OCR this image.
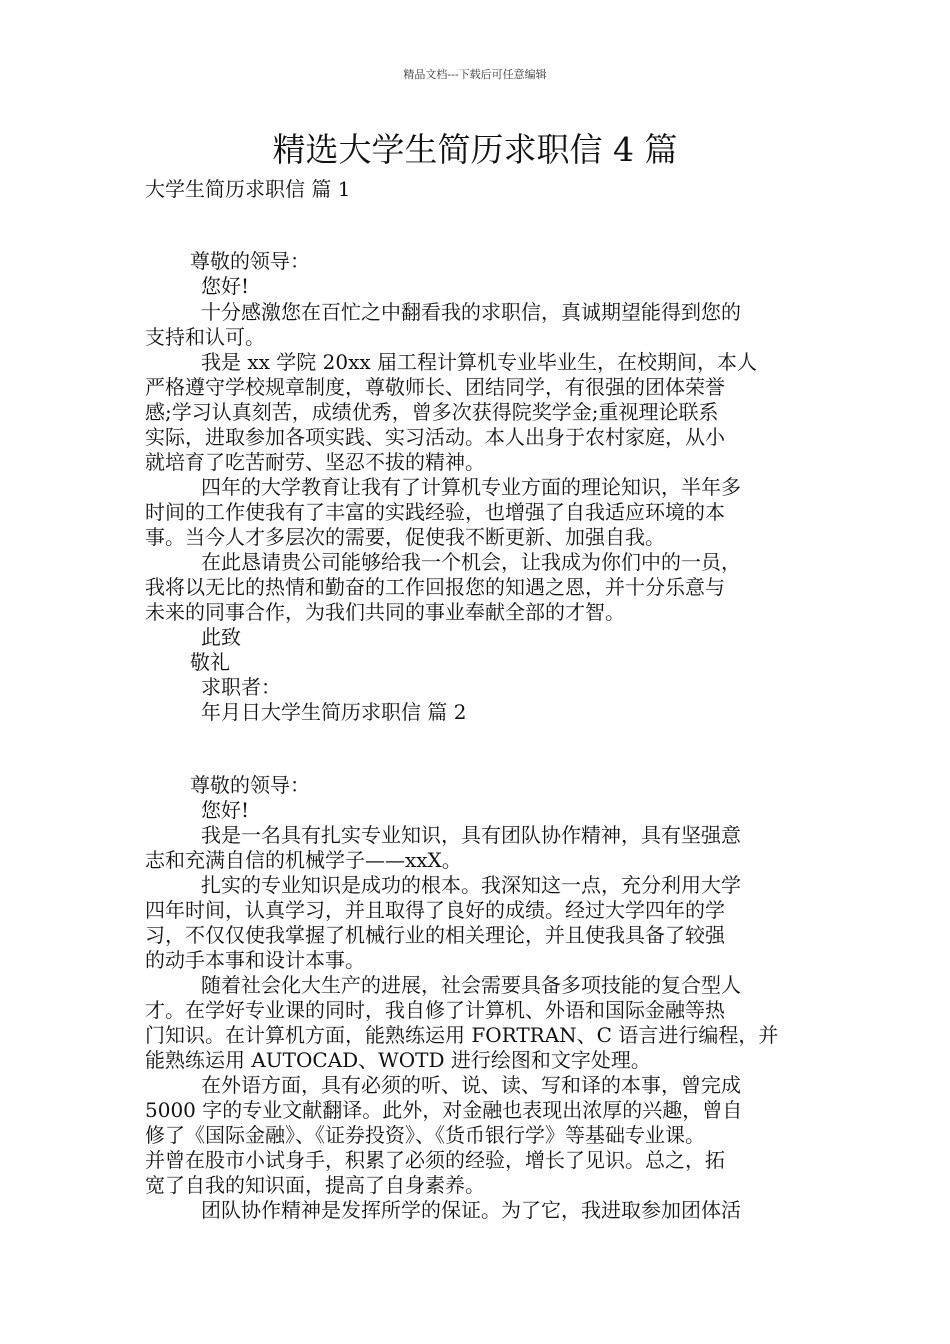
精品文档---下载后可任意编辑
精选大学生简历求职信 4 篇
大学生简历求职信 篇 1
尊敬的领导：
您好!
十分感激您在百忙之中翻看我的求职信，真诚期望能得到您的
支持和认可。
我是 xx 学院 20xx 届工程计算机专业毕业生，在校期间，本人
严格遵守学校规章制度，尊敬师长、团结同学，有很强的团体荣誉
感;学习认真刻苦，成绩优秀，曾多次获得院奖学金;重视理论联系
实际，进取参加各项实践、实习活动。本人出身于农村家庭，从小
就培育了吃苦耐劳、坚忍不拔的精神。
四年的大学教育让我有了计算机专业方面的理论知识，半年多
时间的工作使我有了丰富的实践经验，也增强了自我适应环境的本
事。当今人才多层次的需要，促使我不断更新、加强自我。
在此恳请贵公司能够给我一个机会，让我成为你们中的一员，
我将以无比的热情和勤奋的工作回报您的知遇之恩，并十分乐意与
未来的同事合作，为我们共同的事业奉献全部的才智。
此致
敬礼
求职者：
年月日大学生简历求职信 篇 2
尊敬的领导：
您好!
我是一名具有扎实专业知识，具有团队协作精神，具有坚强意
志和充满自信的机械学子——xxX。
扎实的专业知识是成功的根本。我深知这一点，充分利用大学
四年时间，认真学习，并且取得了良好的成绩。经过大学四年的学
习，不仅仅使我掌握了机械行业的相关理论，并且使我具备了较强
的动手本事和设计本事。
随着社会化大生产的进展，社会需要具备多项技能的复合型人
才。在学好专业课的同时，我自修了计算机、外语和国际金融等热
门知识。在计算机方面，能熟练运用 FORTRAN、C 语言进行编程，并
能熟练运用 AUTOCAD、WOTD 进行绘图和文字处理。
在外语方面，具有必须的听、说、读、写和译的本事，曾完成
5000 字的专业文献翻译。此外，对金融也表现出浓厚的兴趣，曾自
修了《国际金融》、《证券投资》、《货币银行学》等基础专业课。
并曾在股市小试身手，积累了必须的经验，增长了见识。总之，拓
宽了自我的知识面，提高了自身素养。
团队协作精神是发挥所学的保证。为了它，我进取参加团体活
